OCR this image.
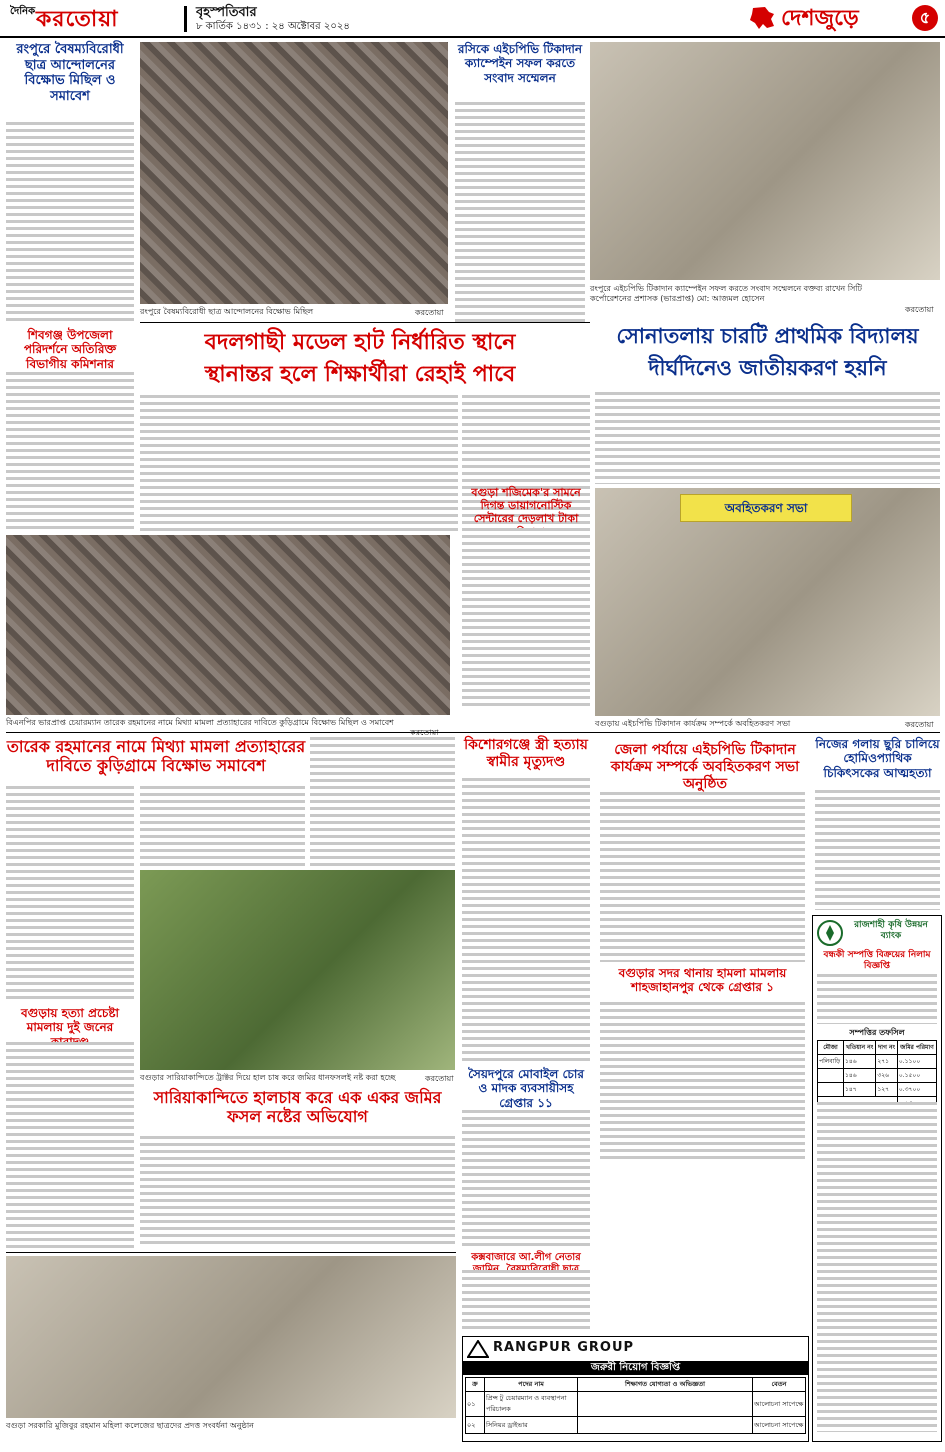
দৈনিক করতোয়া	বৃহস্পতিবার
৮ কার্তিক ১৪৩১ : ২৪ অক্টোবর ২০২৪	দেশজুড়ে	৫
রংপুরে বৈষম্যবিরোধী ছাত্র আন্দোলনের বিক্ষোভ মিছিল ও সমাবেশ
রংপুরে বৈষম্যবিরোধী ছাত্র আন্দোলনের বিক্ষোভ মিছিল	করতোয়া
রসিকে এইচপিভি টিকাদান ক্যাম্পেইন সফল করতে সংবাদ সম্মেলন
রংপুরে এইচপিভি টিকাদান ক্যাম্পেইন সফল করতে সংবাদ সম্মেলনে বক্তব্য রাখেন সিটি কর্পোরেশনের প্রশাসক (ভারপ্রাপ্ত) মো: আজমল হোসেন
করতোয়া
বদলগাছী মডেল হাট নির্ধারিত স্থানে
স্থানান্তর হলে শিক্ষার্থীরা রেহাই পাবে
সোনাতলায় চারটি প্রাথমিক বিদ্যালয়
দীর্ঘদিনেও জাতীয়করণ হয়নি
শিবগঞ্জ উপজেলা পরিদর্শনে অতিরিক্ত বিভাগীয় কমিশনার
বগুড়া শজিমেক'র সামনে দিগন্ত ডায়াগনোস্টিক সেন্টারের দেড়লাখ টাকা
বিএনপির ভারপ্রাপ্ত চেয়ারম্যান তারেক রহমানের নামে মিথ্যা মামলা প্রত্যাহারের দাবিতে কুড়িগ্রামে বিক্ষোভ মিছিল ও সমাবেশ
অবহিতকরণ সভা
বগুড়ায় এইচপিভি টিকাদান কার্যক্রম সম্পর্কে অবহিতকরণ সভা	করতোয়া
তারেক রহমানের নামে মিথ্যা মামলা প্রত্যাহারের দাবিতে কুড়িগ্রামে বিক্ষোভ সমাবেশ
কিশোরগঞ্জে স্ত্রী হত্যায় স্বামীর মৃত্যুদণ্ড
জেলা পর্যায়ে এইচপিভি টিকাদান কার্যক্রম সম্পর্কে অবহিতকরণ সভা অনুষ্ঠিত
নিজের গলায় ছুরি চালিয়ে হোমিওপ্যাথিক চিকিৎসকের আত্মহত্যা
বগুড়ার সারিয়াকান্দিতে ট্রাক্টর দিয়ে হাল চাষ করে জমির ধানফসলই নষ্ট করা হচ্ছে	করতোয়া
বগুড়ায় হত্যা প্রচেষ্টা মামলায় দুই জনের
সৈয়দপুরে মোবাইল চোর ও মাদক ব্যবসায়ীসহ গ্রেপ্তার ১১
বগুড়ার সদর থানায় হামলা মামলায় শাহজাহানপুর থেকে গ্রেপ্তার ১
সারিয়াকান্দিতে হালচাষ করে এক একর জমির ফসল নষ্টের অভিযোগ
কক্সবাজারে আ.লীগ নেতার
রাজশাহী কৃষি উন্নয়ন ব্যাংক
বন্ধকী সম্পত্তি বিক্রয়ের নিলাম বিজ্ঞপ্তি
সম্পত্তির তফসিল
মৌজা	খতিয়ান নং	দাগ নং	জমির পরিমাণ
পলিবাড়ি	১৪৬	২৭১	০.১১০০
	১৪৬	৩২৬	০.১৫০০
	১৪৭	১২৭	০.৩৭০০

বগুড়া সরকারি মুজিবুর রহমান মহিলা কলেজের ছাত্রদের প্রদত্ত সংবর্ধনা অনুষ্ঠান
RANGPUR GROUP
জরুরী নিয়োগ বিজ্ঞপ্তি
ক্র	পদের নাম	শিক্ষাগত যোগ্যতা ও অভিজ্ঞতা	বেতন
০১	প্রিন্স টু চেয়ারম্যান ও ব্যবস্থাপনা পরিচালক		আলোচনা সাপেক্ষে
০২	সিনিয়র ড্রাইভার		আলোচনা সাপেক্ষে
